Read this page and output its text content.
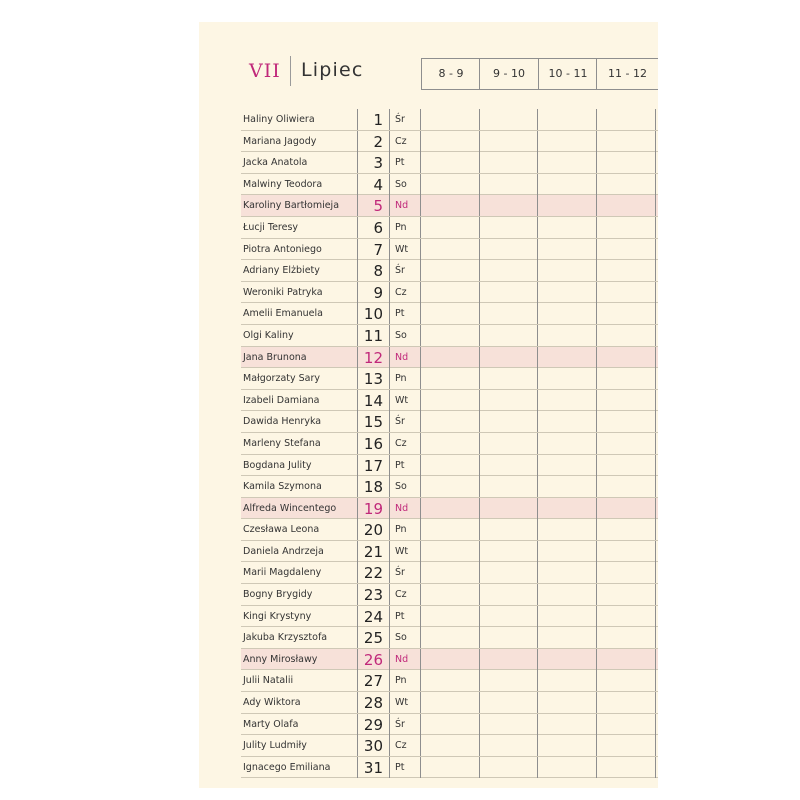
VII Lipiec	8 - 9	9 - 10	10 - 11	11 - 12
Haliny Oliwiera	1	Śr
Mariana Jagody	2	Cz
Jacka Anatola	3	Pt
Malwiny Teodora	4	So
Karoliny Bartłomieja	5	Nd
Łucji Teresy	6	Pn
Piotra Antoniego	7	Wt
Adriany Elżbiety	8	Śr
Weroniki Patryka	9	Cz
Amelii Emanuela	10	Pt
Olgi Kaliny	11	So
Jana Brunona	12	Nd
Małgorzaty Sary	13	Pn
Izabeli Damiana	14	Wt
Dawida Henryka	15	Śr
Marleny Stefana	16	Cz
Bogdana Julity	17	Pt
Kamila Szymona	18	So
Alfreda Wincentego	19	Nd
Czesława Leona	20	Pn
Daniela Andrzeja	21	Wt
Marii Magdaleny	22	Śr
Bogny Brygidy	23	Cz
Kingi Krystyny	24	Pt
Jakuba Krzysztofa	25	So
Anny Mirosławy	26	Nd
Julii Natalii	27	Pn
Ady Wiktora	28	Wt
Marty Olafa	29	Śr
Julity Ludmiły	30	Cz
Ignacego Emiliana	31	Pt
